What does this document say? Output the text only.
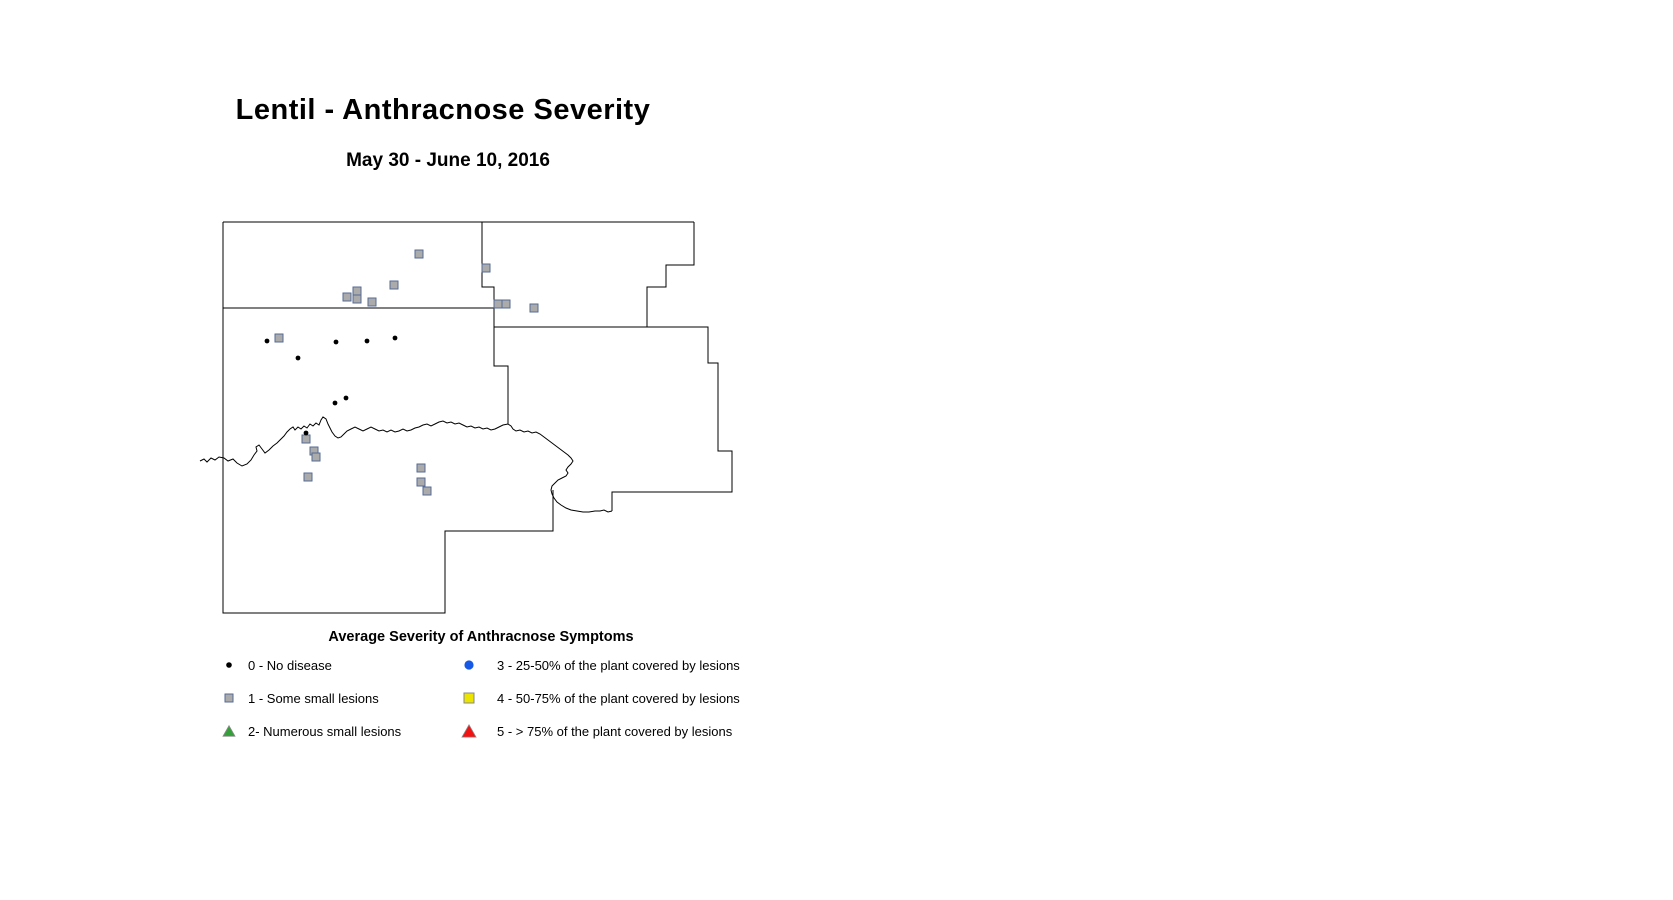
Lentil - Anthracnose Severity
May 30 - June 10, 2016
Average Severity of Anthracnose Symptoms
0 - No disease
1 - Some small lesions
2- Numerous small lesions
3 - 25-50% of the plant covered by lesions
4 - 50-75% of the plant covered by lesions
5 - > 75% of the plant covered by lesions
